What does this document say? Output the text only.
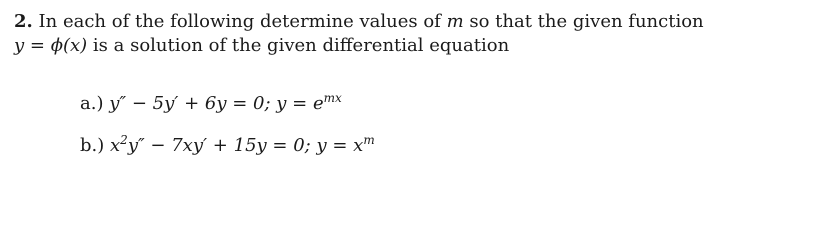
2. In each of the following determine values of m so that the given function
y = ϕ(x) is a solution of the given differential equation
a.) y″ − 5y′ + 6y = 0; $y = e^{mx}$
b.) $x^2y'' - 7xy' + 15y = 0$; $y = x^m$
